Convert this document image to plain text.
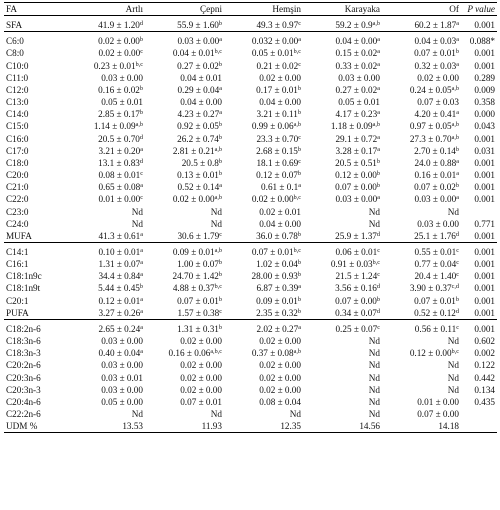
FA	Artlı	Çepni	Hemşin	Karayaka	Of	P value
SFA	41.9 ± 1.20$^d$	55.9 ± 1.60$^b$	49.3 ± 0.97$^c$	$59.2 \pm 0.9^{a,b}$	60.2 ± 1.87$^a$	0.001
C6:0	0.02 ± 0.00$^b$	0.03 ± 0.00$^a$	0.032 ± 0.00$^a$	0.04 ± 0.00$^a$	0.04 ± 0.03$^a$	0.088*
C8:0	0.02 ± 0.00$^c$	$0.04 \pm 0.01^{b,c}$	$0.05 \pm 0.01^{b,c}$	0.15 ± 0.02$^a$	0.07 ± 0.01$^b$	0.001
C10:0	$0.23 \pm 0.01^{b,c}$	0.27 ± 0.02$^b$	0.21 ± 0.02$^c$	0.33 ± 0.02$^a$	0.32 ± 0.03$^a$	0.001
C11:0	0.03 ± 0.00	0.04 ± 0.01	0.02 ± 0.00	0.03 ± 0.00	0.02 ± 0.00	0.289
C12:0	0.16 ± 0.02$^b$	0.29 ± 0.04$^a$	0.17 ± 0.01$^b$	0.27 ± 0.02$^a$	$0.24 \pm 0.05^{a,b}$	0.009
C13:0	0.05 ± 0.01	0.04 ± 0.00	0.04 ± 0.00	0.05 ± 0.01	0.07 ± 0.03	0.358
C14:0	2.85 ± 0.17$^b$	4.23 ± 0.27$^a$	3.21 ± 0.11$^b$	4.17 ± 0.23$^a$	4.20 ± 0.41$^a$	0.000
C15:0	$1.14 \pm 0.09^{a,b}$	0.92 ± 0.05$^b$	$0.99 \pm 0.06^{a,b}$	$1.18 \pm 0.09^{a,b}$	$0.97 \pm 0.05^{a,b}$	0.043
C16:0	20.5 ± 0.70$^d$	26.2 ± 0.74$^b$	23.3 ± 0.70$^c$	29.1 ± 0.72$^a$	$27.3 \pm 0.70^{a,b}$	0.001
C17:0	3.21 ± 0.20$^a$	$2.81 \pm 0.21^{a,b}$	2.68 ± 0.15$^b$	3.28 ± 0.17$^a$	2.70 ± 0.14$^b$	0.031
C18:0	13.1 ± 0.83$^d$	20.5 ± 0.8$^b$	18.1 ± 0.69$^c$	20.5 ± 0.51$^b$	24.0 ± 0.88$^a$	0.001
C20:0	0.08 ± 0.01$^c$	0.13 ± 0.01$^b$	0.12 ± 0.07$^b$	0.12 ± 0.00$^b$	0.16 ± 0.01$^a$	0.001
C21:0	0.65 ± 0.08$^a$	0.52 ± 0.14$^a$	0.61 ± 0.1$^a$	0.07 ± 0.00$^b$	0.07 ± 0.02$^b$	0.001
C22:0	0.01 ± 0.00$^c$	$0.02 \pm 0.00^{a,b}$	$0.02 \pm 0.00^{b,c}$	0.03 ± 0.00$^a$	0.03 ± 0.00$^a$	0.001
C23:0	Nd	Nd	0.02 ± 0.01	Nd	Nd	
C24:0	Nd	Nd	0.04 ± 0.00	Nd	0.03 ± 0.00	0.771
MUFA	41.3 ± 0.61$^a$	30.6 ± 1.79$^c$	36.0 ± 0.78$^b$	25.9 ± 1.37$^d$	25.1 ± 1.76$^d$	0.001
C14:1	0.10 ± 0.01$^a$	$0.09 \pm 0.01^{a,b}$	$0.07 \pm 0.01^{b,c}$	0.06 ± 0.01$^c$	0.55 ± 0.01$^c$	0.001
C16:1	1.31 ± 0.07$^a$	1.00 ± 0.07$^b$	1.02 ± 0.04$^b$	$0.91 \pm 0.03^{b,c}$	0.77 ± 0.04$^c$	0.001
C18:1n9c	34.4 ± 0.84$^a$	24.70 ± 1.42$^b$	28.00 ± 0.93$^b$	21.5 ± 1.24$^c$	20.4 ± 1.40$^c$	0.001
C18:1n9t	5.44 ± 0.45$^b$	$4.88 \pm 0.37^{b,c}$	6.87 ± 0.39$^a$	3.56 ± 0.16$^d$	$3.90 \pm 0.37^{c,d}$	0.001
C20:1	0.12 ± 0.01$^a$	0.07 ± 0.01$^b$	0.09 ± 0.01$^b$	0.07 ± 0.00$^b$	0.07 ± 0.01$^b$	0.001
PUFA	3.27 ± 0.26$^a$	1.57 ± 0.38$^c$	2.35 ± 0.32$^b$	0.34 ± 0.07$^d$	0.52 ± 0.12$^d$	0.001
C18:2n-6	2.65 ± 0.24$^a$	1.31 ± 0.31$^b$	2.02 ± 0.27$^a$	0.25 ± 0.07$^c$	0.56 ± 0.11$^c$	0.001
C18:3n-6	0.03 ± 0.00	0.02 ± 0.00	0.02 ± 0.00	Nd	Nd	0.602
C18:3n-3	0.40 ± 0.04$^a$	$0.16 \pm 0.06^{a,b,c}$	$0.37 \pm 0.08^{a,b}$	Nd	$0.12 \pm 0.00^{b,c}$	0.002
C20:2n-6	0.03 ± 0.00	0.02 ± 0.00	0.02 ± 0.00	Nd	Nd	0.122
C20:3n-6	0.03 ± 0.01	0.02 ± 0.00	0.02 ± 0.00	Nd	Nd	0.442
C20:3n-3	0.03 ± 0.00	0.02 ± 0.00	0.02 ± 0.00	Nd	Nd	0.134
C20:4n-6	0.05 ± 0.00	0.07 ± 0.01	0.08 ± 0.04	Nd	0.01 ± 0.00	0.435
C22:2n-6	Nd	Nd	Nd	Nd	0.07 ± 0.00	
UDM %	13.53	11.93	12.35	14.56	14.18	
